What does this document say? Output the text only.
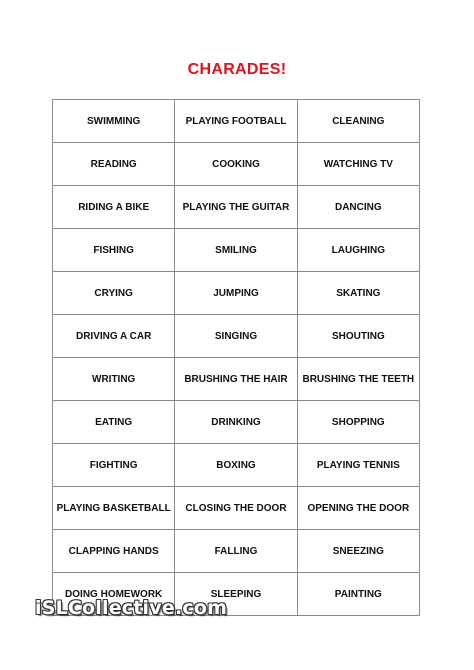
CHARADES!
SWIMMING	PLAYING FOOTBALL	CLEANING
READING	COOKING	WATCHING TV
RIDING A BIKE	PLAYING THE GUITAR	DANCING
FISHING	SMILING	LAUGHING
CRYING	JUMPING	SKATING
DRIVING A CAR	SINGING	SHOUTING
WRITING	BRUSHING THE HAIR	BRUSHING THE TEETH
EATING	DRINKING	SHOPPING
FIGHTING	BOXING	PLAYING TENNIS
PLAYING BASKETBALL	CLOSING THE DOOR	OPENING THE DOOR
CLAPPING HANDS	FALLING	SNEEZING
DOING HOMEWORK	SLEEPING	PAINTING
iSLCollective.com
